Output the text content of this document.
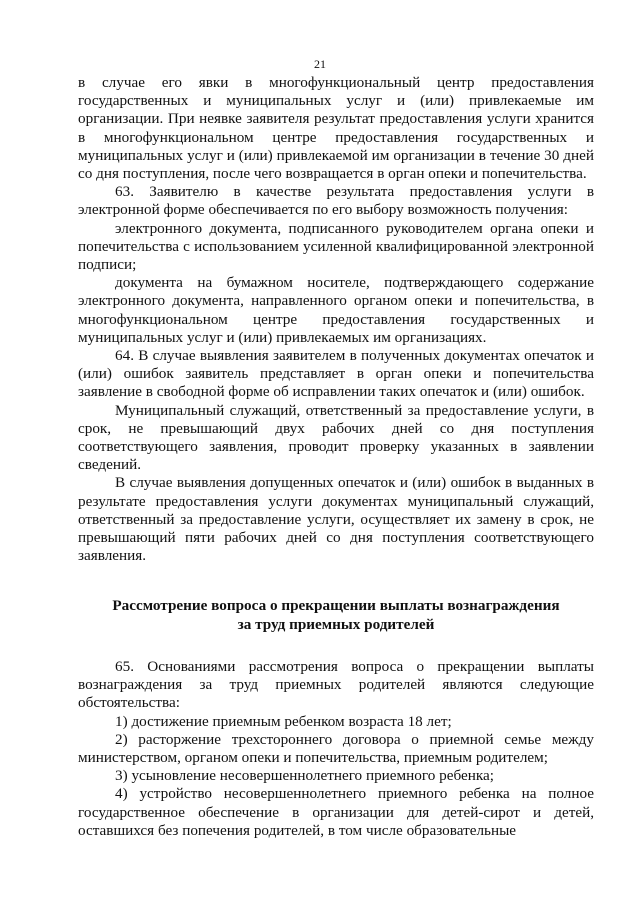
21

в случае его явки в многофункциональный центр предоставления государственных и муниципальных услуг и (или) привлекаемые им организации. При неявке заявителя результат предоставления услуги хранится в многофункциональном центре предоставления государственных и муниципальных услуг и (или) привлекаемой им организации в течение 30 дней со дня поступления, после чего возвращается в орган опеки и попечительства.

63. Заявителю в качестве результата предоставления услуги в электронной форме обеспечивается по его выбору возможность получения:

электронного документа, подписанного руководителем органа опеки и попечительства с использованием усиленной квалифицированной электронной подписи;

документа на бумажном носителе, подтверждающего содержание электронного документа, направленного органом опеки и попечительства, в многофункциональном центре предоставления государственных и муниципальных услуг и (или) привлекаемых им организациях.

64. В случае выявления заявителем в полученных документах опечаток и (или) ошибок заявитель представляет в орган опеки и попечительства заявление в свободной форме об исправлении таких опечаток и (или) ошибок.

Муниципальный служащий, ответственный за предоставление услуги, в срок, не превышающий двух рабочих дней со дня поступления соответствующего заявления, проводит проверку указанных в заявлении сведений.

В случае выявления допущенных опечаток и (или) ошибок в выданных в результате предоставления услуги документах муниципальный служащий, ответственный за предоставление услуги, осуществляет их замену в срок, не превышающий пяти рабочих дней со дня поступления соответствующего заявления.

Рассмотрение вопроса о прекращении выплаты вознаграждения
за труд приемных родителей

65. Основаниями рассмотрения вопроса о прекращении выплаты вознаграждения за труд приемных родителей являются следующие обстоятельства:

1) достижение приемным ребенком возраста 18 лет;

2) расторжение трехстороннего договора о приемной семье между министерством, органом опеки и попечительства, приемным родителем;

3) усыновление несовершеннолетнего приемного ребенка;

4) устройство несовершеннолетнего приемного ребенка на полное государственное обеспечение в организации для детей-сирот и детей, оставшихся без попечения родителей, в том числе образовательные
